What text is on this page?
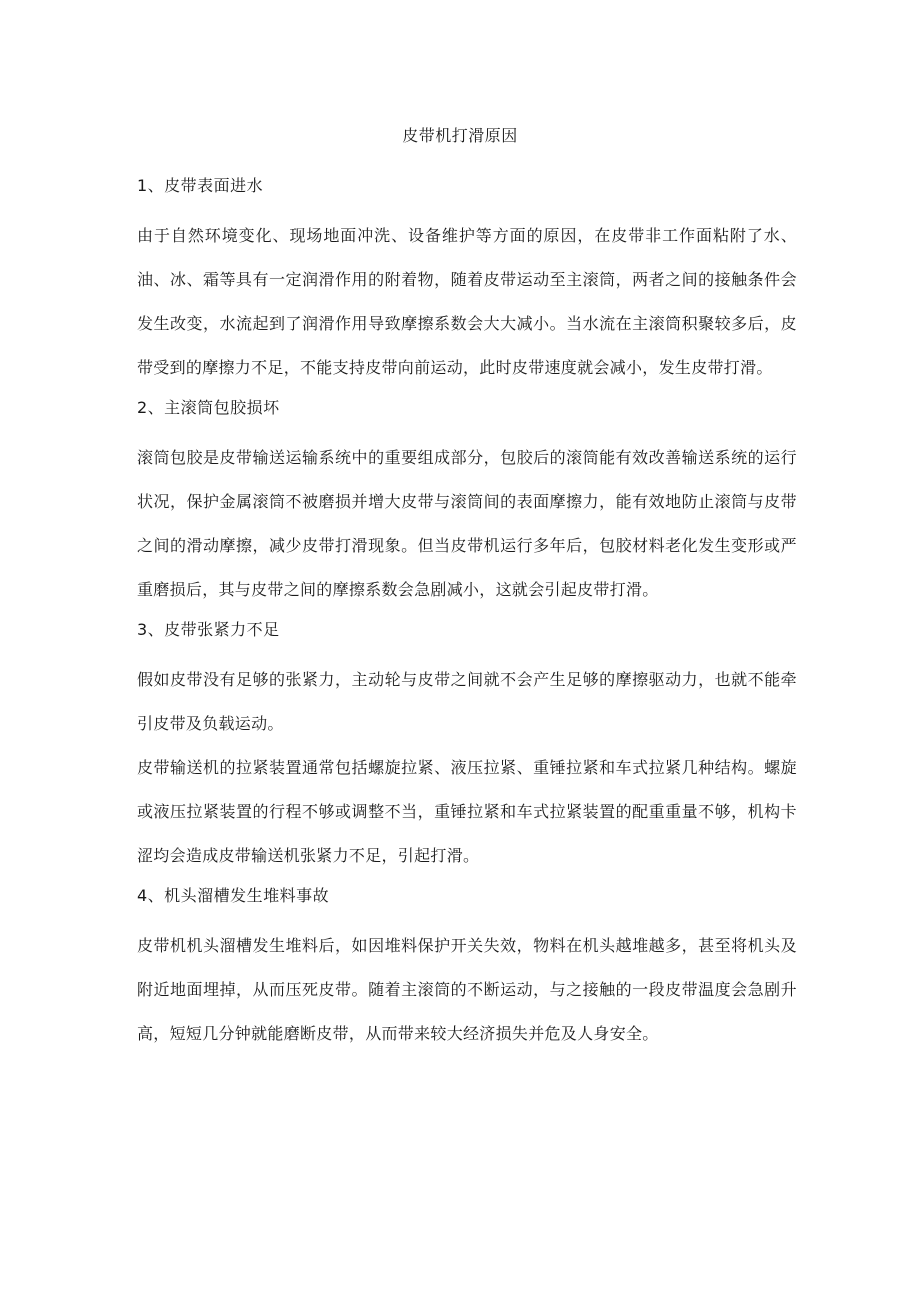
皮带机打滑原因
1、皮带表面进水

由于自然环境变化、现场地面冲洗、设备维护等方面的原因，在皮带非工作面粘附了水、油、冰、霜等具有一定润滑作用的附着物，随着皮带运动至主滚筒，两者之间的接触条件会发生改变，水流起到了润滑作用导致摩擦系数会大大减小。当水流在主滚筒积聚较多后，皮带受到的摩擦力不足，不能支持皮带向前运动，此时皮带速度就会减小，发生皮带打滑。

2、主滚筒包胶损坏

滚筒包胶是皮带输送运输系统中的重要组成部分，包胶后的滚筒能有效改善输送系统的运行状况，保护金属滚筒不被磨损并增大皮带与滚筒间的表面摩擦力，能有效地防止滚筒与皮带之间的滑动摩擦，减少皮带打滑现象。但当皮带机运行多年后，包胶材料老化发生变形或严重磨损后，其与皮带之间的摩擦系数会急剧减小，这就会引起皮带打滑。

3、皮带张紧力不足

假如皮带没有足够的张紧力，主动轮与皮带之间就不会产生足够的摩擦驱动力，也就不能牵引皮带及负载运动。

皮带输送机的拉紧装置通常包括螺旋拉紧、液压拉紧、重锤拉紧和车式拉紧几种结构。螺旋或液压拉紧装置的行程不够或调整不当，重锤拉紧和车式拉紧装置的配重重量不够，机构卡涩均会造成皮带输送机张紧力不足，引起打滑。

4、机头溜槽发生堆料事故

皮带机机头溜槽发生堆料后，如因堆料保护开关失效，物料在机头越堆越多，甚至将机头及附近地面埋掉，从而压死皮带。随着主滚筒的不断运动，与之接触的一段皮带温度会急剧升高，短短几分钟就能磨断皮带，从而带来较大经济损失并危及人身安全。
